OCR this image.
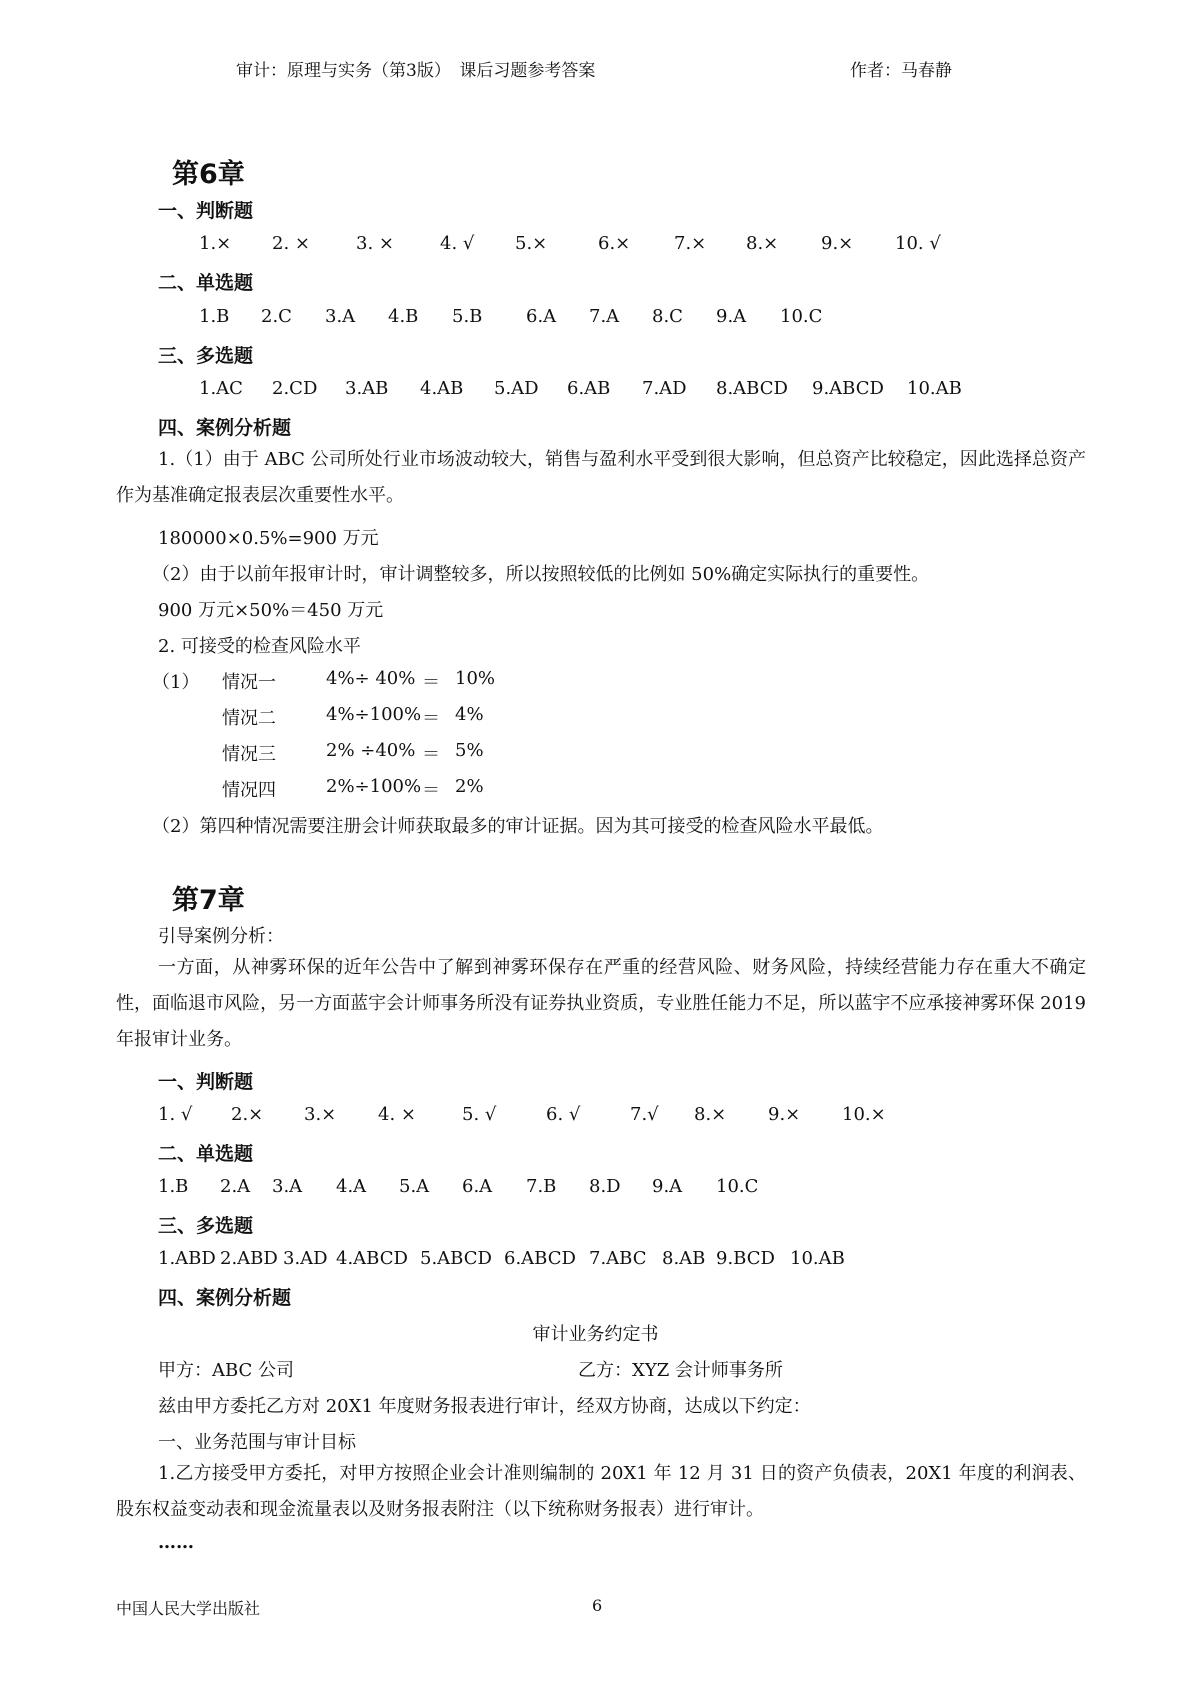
审计：原理与实务（第3版）　课后习题参考答案	作者：马春静
第6章
一、判断题
1.× 2. ×	3. ×	4. √ 5.×	6.× 7.× 8.× 9.× 10. √
二、单选题
1.B 2.C 3.A 4.B 5.B 6.A 7.A 8.C 9.A 10.C
三、多选题
1.AC 2.CD 3.AB 4.AB 5.AD 6.AB 7.AD 8.ABCD 9.ABCD 10.AB
四、案例分析题
1.（1）由于 ABC 公司所处行业市场波动较大，销售与盈利水平受到很大影响，但总资产比较稳定，因此选择总资产作为基准确定报表层次重要性水平。
180000×0.5%=900 万元
（2）由于以前年报审计时，审计调整较多，所以按照较低的比例如 50%确定实际执行的重要性。
900 万元×50%＝450 万元
2. 可接受的检查风险水平
（1） 情况一	4%÷ 40% ＝ 10%
情况二	4%÷100% ＝ 4%
情况三	2% ÷40% ＝ 5%
情况四	2%÷100% ＝ 2%
（2）第四种情况需要注册会计师获取最多的审计证据。因为其可接受的检查风险水平最低。
第7章
引导案例分析：
一方面，从神雾环保的近年公告中了解到神雾环保存在严重的经营风险、财务风险，持续经营能力存在重大不确定性，面临退市风险，另一方面蓝宇会计师事务所没有证券执业资质，专业胜任能力不足，所以蓝宇不应承接神雾环保 2019 年报审计业务。
一、判断题
1. √ 2.× 3.× 4. ×	5. √	6. √	7.√ 8.× 9.× 10.×
二、单选题
1.B 2.A 3.A 4.A 5.A 6.A 7.B 8.D 9.A 10.C
三、多选题
1.ABD 2.ABD 3.AD 4.ABCD 5.ABCD 6.ABCD 7.ABC 8.AB 9.BCD 10.AB
四、案例分析题
审计业务约定书
甲方：ABC 公司	乙方：XYZ 会计师事务所
兹由甲方委托乙方对 20X1 年度财务报表进行审计，经双方协商，达成以下约定：
一、业务范围与审计目标
1.乙方接受甲方委托，对甲方按照企业会计准则编制的 20X1 年 12 月 31 日的资产负债表，20X1 年度的利润表、股东权益变动表和现金流量表以及财务报表附注（以下统称财务报表）进行审计。
……
中国人民大学出版社	6
